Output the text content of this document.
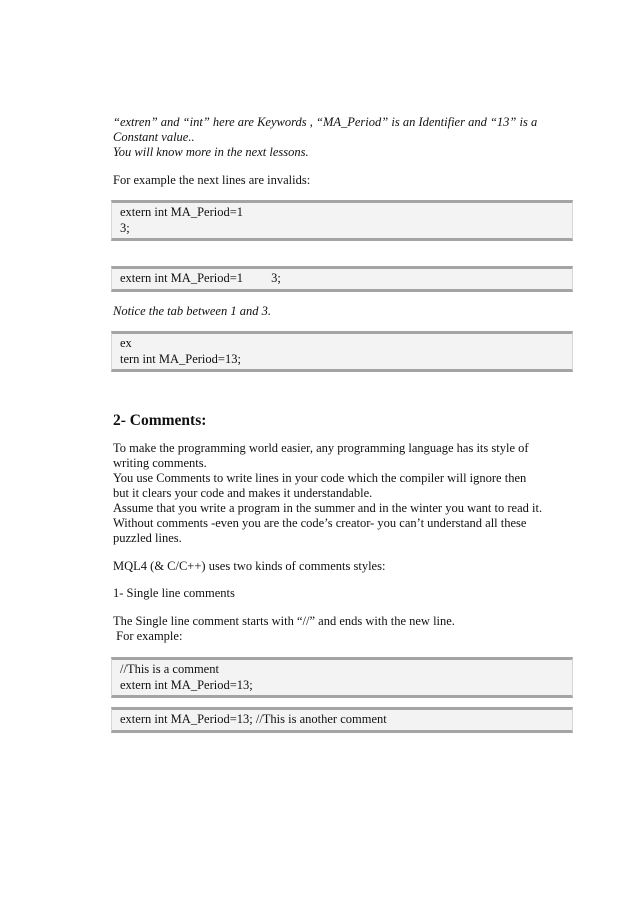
“extren” and “int” here are Keywords , “MA_Period” is an Identifier and “13” is a
Constant value..
You will know more in the next lessons.
For example the next lines are invalids:
extern int MA_Period=1
3;
extern int MA_Period=1         3;
Notice the tab between 1 and 3.
ex
tern int MA_Period=13;
2- Comments:
To make the programming world easier, any programming language has its style of
writing comments.
You use Comments to write lines in your code which the compiler will ignore then
but it clears your code and makes it understandable.
Assume that you write a program in the summer and in the winter you want to read it.
Without comments -even you are the code’s creator- you can’t understand all these
puzzled lines.
MQL4 (& C/C++) uses two kinds of comments styles:
1- Single line comments
The Single line comment starts with “//” and ends with the new line.
For example:
//This is a comment
extern int MA_Period=13;
extern int MA_Period=13; //This is another comment
